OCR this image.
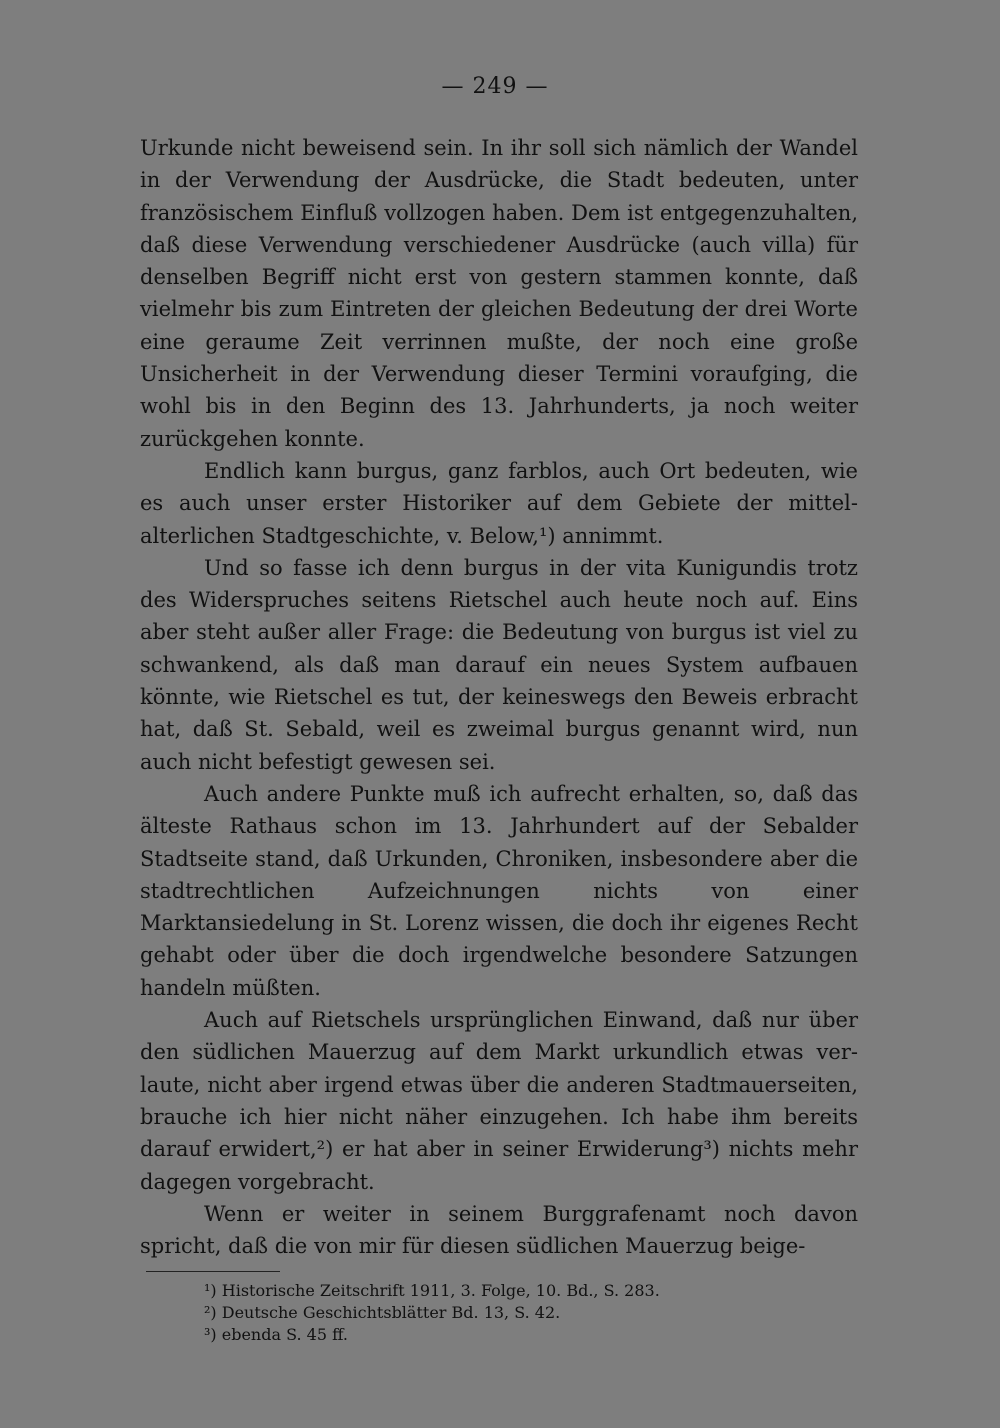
— 249 —

Urkunde nicht beweisend sein. In ihr soll sich nämlich der Wandel in der Verwendung der Ausdrücke, die Stadt bedeuten, unter französischem Einfluß vollzogen haben. Dem ist entgegenzuhalten, daß diese Verwendung verschiedener Ausdrücke (auch villa) für denselben Begriff nicht erst von gestern stammen konnte, daß vielmehr bis zum Eintreten der gleichen Bedeutung der drei Worte eine geraume Zeit verrinnen mußte, der noch eine große Unsicherheit in der Verwendung dieser Termini voraufging, die wohl bis in den Beginn des 13. Jahrhunderts, ja noch weiter zurückgehen konnte.

Endlich kann burgus, ganz farblos, auch Ort bedeuten, wie es auch unser erster Historiker auf dem Gebiete der mittelalterlichen Stadtgeschichte, v. Below,¹) annimmt.

Und so fasse ich denn burgus in der vita Kunigundis trotz des Widerspruches seitens Rietschel auch heute noch auf. Eins aber steht außer aller Frage: die Bedeutung von burgus ist viel zu schwankend, als daß man darauf ein neues System aufbauen könnte, wie Rietschel es tut, der keineswegs den Beweis erbracht hat, daß St. Sebald, weil es zweimal burgus genannt wird, nun auch nicht befestigt gewesen sei.

Auch andere Punkte muß ich aufrecht erhalten, so, daß das älteste Rathaus schon im 13. Jahrhundert auf der Sebalder Stadtseite stand, daß Urkunden, Chroniken, insbesondere aber die stadtrechtlichen Aufzeichnungen nichts von einer Marktansiedelung in St. Lorenz wissen, die doch ihr eigenes Recht gehabt oder über die doch irgendwelche besondere Satzungen handeln müßten.

Auch auf Rietschels ursprünglichen Einwand, daß nur über den südlichen Mauerzug auf dem Markt urkundlich etwas verlaute, nicht aber irgend etwas über die anderen Stadtmauerseiten, brauche ich hier nicht näher einzugehen. Ich habe ihm bereits darauf erwidert,²) er hat aber in seiner Erwiderung³) nichts mehr dagegen vorgebracht.

Wenn er weiter in seinem Burggrafenamt noch davon spricht, daß die von mir für diesen südlichen Mauerzug beige-

¹) Historische Zeitschrift 1911, 3. Folge, 10. Bd., S. 283.
²) Deutsche Geschichtsblätter Bd. 13, S. 42.
³) ebenda S. 45 ff.
